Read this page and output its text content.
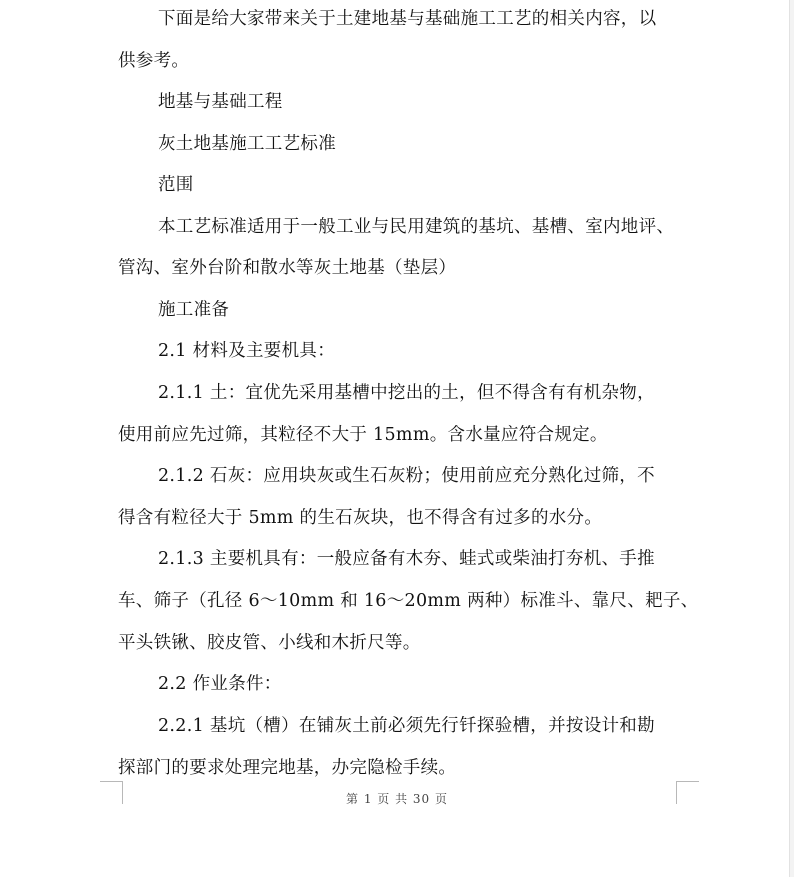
下面是给大家带来关于土建地基与基础施工工艺的相关内容，以
供参考。
地基与基础工程
灰土地基施工工艺标准
范围
本工艺标准适用于一般工业与民用建筑的基坑、基槽、室内地评、
管沟、室外台阶和散水等灰土地基（垫层）
施工准备
2.1 材料及主要机具：
2.1.1 土：宜优先采用基槽中挖出的土，但不得含有有机杂物，
使用前应先过筛，其粒径不大于 15mm。含水量应符合规定。
2.1.2 石灰：应用块灰或生石灰粉；使用前应充分熟化过筛，不
得含有粒径大于 5mm 的生石灰块，也不得含有过多的水分。
2.1.3 主要机具有：一般应备有木夯、蛙式或柴油打夯机、手推
车、筛子（孔径 6～10mm 和 16～20mm 两种）标准斗、靠尺、耙子、
平头铁锹、胶皮管、小线和木折尺等。
2.2 作业条件：
2.2.1 基坑（槽）在铺灰土前必须先行钎探验槽，并按设计和勘
探部门的要求处理完地基，办完隐检手续。
第 1 页 共 30 页
